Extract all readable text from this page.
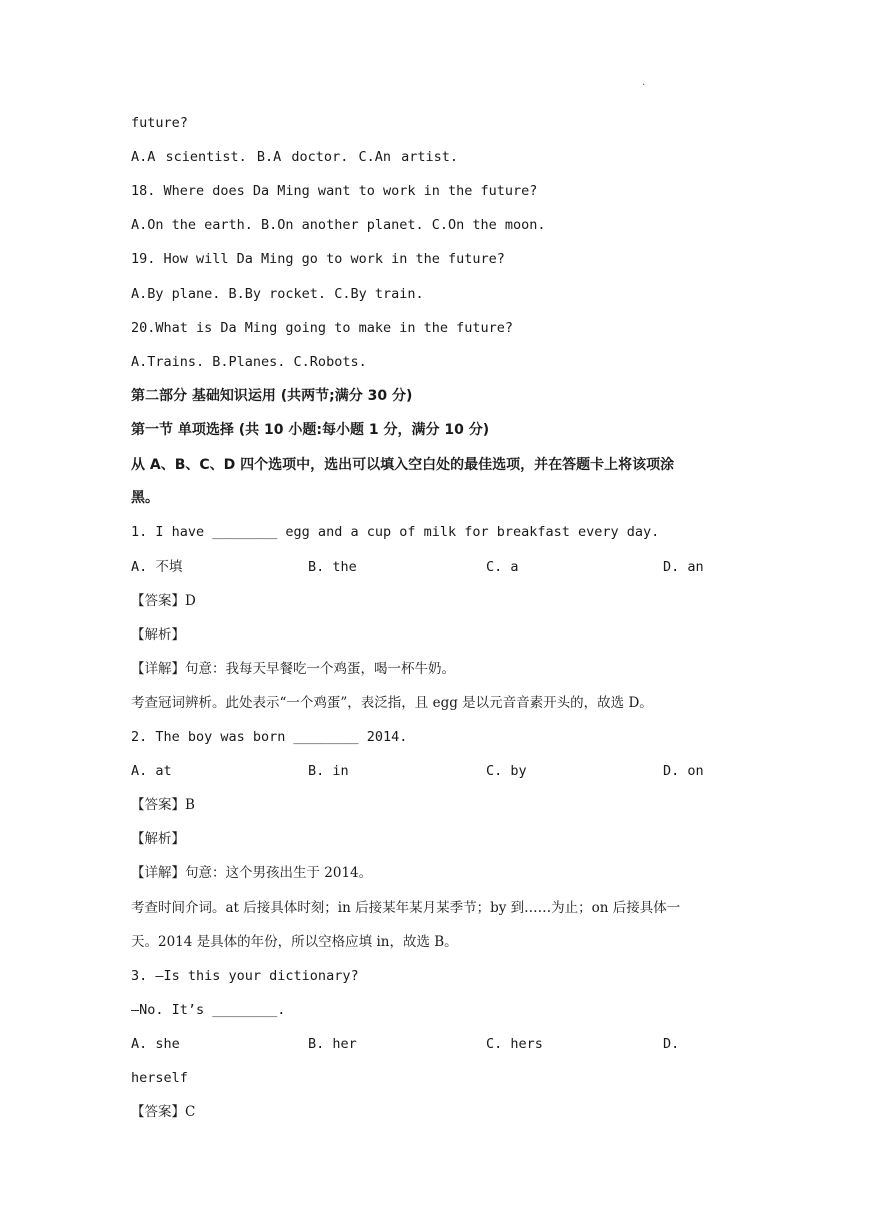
·
future?
A.A scientist. B.A doctor. C.An artist.
18. Where does Da Ming want to work in the future?
A.On the earth. B.On another planet. C.On the moon.
19. How will Da Ming go to work in the future?
A.By plane. B.By rocket. C.By train.
20.What is Da Ming going to make in the future?
A.Trains. B.Planes. C.Robots.
第二部分 基础知识运用 (共两节;满分 30 分)
第一节 单项选择 (共 10 小题:每小题 1 分，满分 10 分)
从 A、B、C、D 四个选项中，选出可以填入空白处的最佳选项，并在答题卡上将该项涂
黑。
1. I have ________ egg and a cup of milk for breakfast every day.
A. 不填	B. the	C. a	D. an
【答案】D
【解析】
【详解】句意：我每天早餐吃一个鸡蛋，喝一杯牛奶。
考查冠词辨析。此处表示“一个鸡蛋”，表泛指，且 egg 是以元音音素开头的，故选 D。
2. The boy was born ________ 2014.
A. at	B. in	C. by	D. on
【答案】B
【解析】
【详解】句意：这个男孩出生于 2014。
考查时间介词。at 后接具体时刻；in 后接某年某月某季节；by 到……为止；on 后接具体一
天。2014 是具体的年份，所以空格应填 in，故选 B。
3. —Is this your dictionary?
—No. It’s ________.
A. she	B. her	C. hers	D.
herself
【答案】C
